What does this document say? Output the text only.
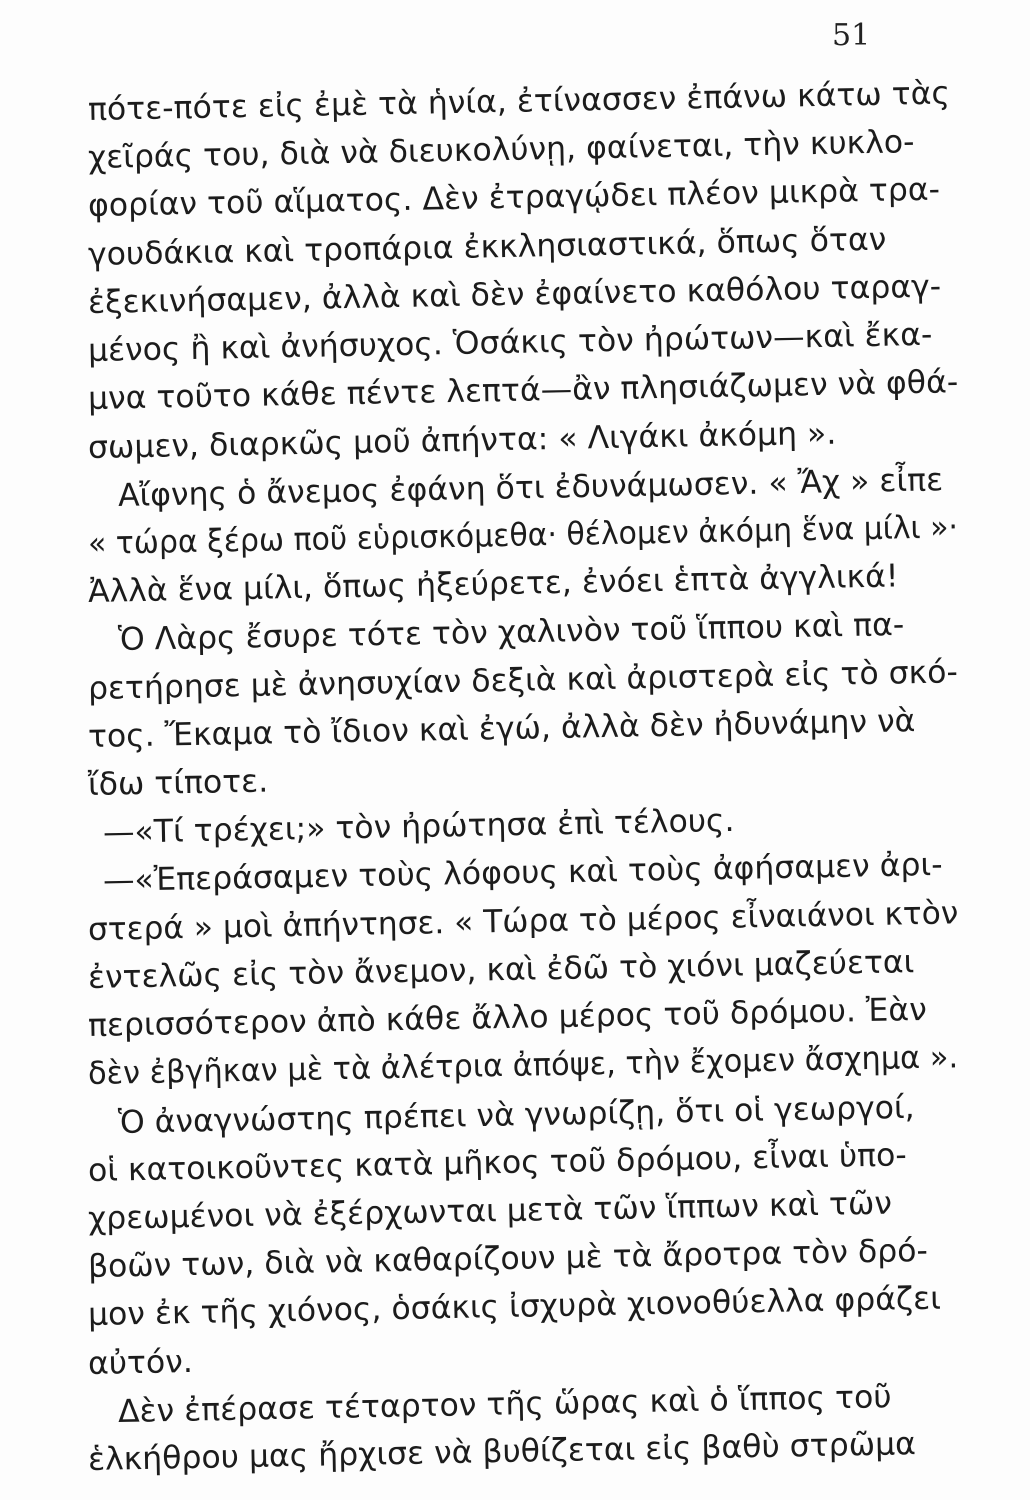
51
πότε-πότε εἰς ἐμὲ τὰ ἡνία, ἐτίνασσεν ἐπάνω κάτω τὰς
χεῖράς του, διὰ νὰ διευκολύνῃ, φαίνεται, τὴν κυκλο-
φορίαν τοῦ αἵματος. Δὲν ἐτραγῴδει πλέον μικρὰ τρα-
γουδάκια καὶ τροπάρια ἐκκλησιαστικά, ὅπως ὅταν
ἐξεκινήσαμεν, ἀλλὰ καὶ δὲν ἐφαίνετο καθόλου ταραγ-
μένος ἢ καὶ ἀνήσυχος. Ὁσάκις τὸν ἠρώτων—καὶ ἔκα-
μνα τοῦτο κάθε πέντε λεπτά—ἂν πλησιάζωμεν νὰ φθά-
σωμεν, διαρκῶς μοῦ ἀπήντα: « Λιγάκι ἀκόμη ».
Αἴφνης ὁ ἄνεμος ἐφάνη ὅτι ἐδυνάμωσεν. « Ἄχ » εἶπε
« τώρα ξέρω ποῦ εὑρισκόμεθα· θέλομεν ἀκόμη ἕνα μίλι »·
Ἀλλὰ ἕνα μίλι, ὅπως ἠξεύρετε, ἐνόει ἑπτὰ ἀγγλικά!
Ὁ Λὰρς ἔσυρε τότε τὸν χαλινὸν τοῦ ἵππου καὶ πα-
ρετήρησε μὲ ἀνησυχίαν δεξιὰ καὶ ἀριστερὰ εἰς τὸ σκό-
τος. Ἔκαμα τὸ ἴδιον καὶ ἐγώ, ἀλλὰ δὲν ἠδυνάμην νὰ
ἴδω τίποτε.
—«Τί τρέχει;» τὸν ἠρώτησα ἐπὶ τέλους.
—«Ἐπεράσαμεν τοὺς λόφους καὶ τοὺς ἀφήσαμεν ἀρι-
στερά » μοὶ ἀπήντησε. « Τώρα τὸ μέρος εἶναιάνοι κτὸν
ἐντελῶς εἰς τὸν ἄνεμον, καὶ ἐδῶ τὸ χιόνι μαζεύεται
περισσότερον ἀπὸ κάθε ἄλλο μέρος τοῦ δρόμου. Ἐὰν
δὲν ἐβγῆκαν μὲ τὰ ἀλέτρια ἀπόψε, τὴν ἔχομεν ἄσχημα ».
Ὁ ἀναγνώστης πρέπει νὰ γνωρίζῃ, ὅτι οἱ γεωργοί,
οἱ κατοικοῦντες κατὰ μῆκος τοῦ δρόμου, εἶναι ὑπο-
χρεωμένοι νὰ ἐξέρχωνται μετὰ τῶν ἵππων καὶ τῶν
βοῶν των, διὰ νὰ καθαρίζουν μὲ τὰ ἄροτρα τὸν δρό-
μον ἐκ τῆς χιόνος, ὁσάκις ἰσχυρὰ χιονοθύελλα φράζει
αὐτόν.
Δὲν ἐπέρασε τέταρτον τῆς ὥρας καὶ ὁ ἵππος τοῦ
ἑλκήθρου μας ἤρχισε νὰ βυθίζεται εἰς βαθὺ στρῶμα
